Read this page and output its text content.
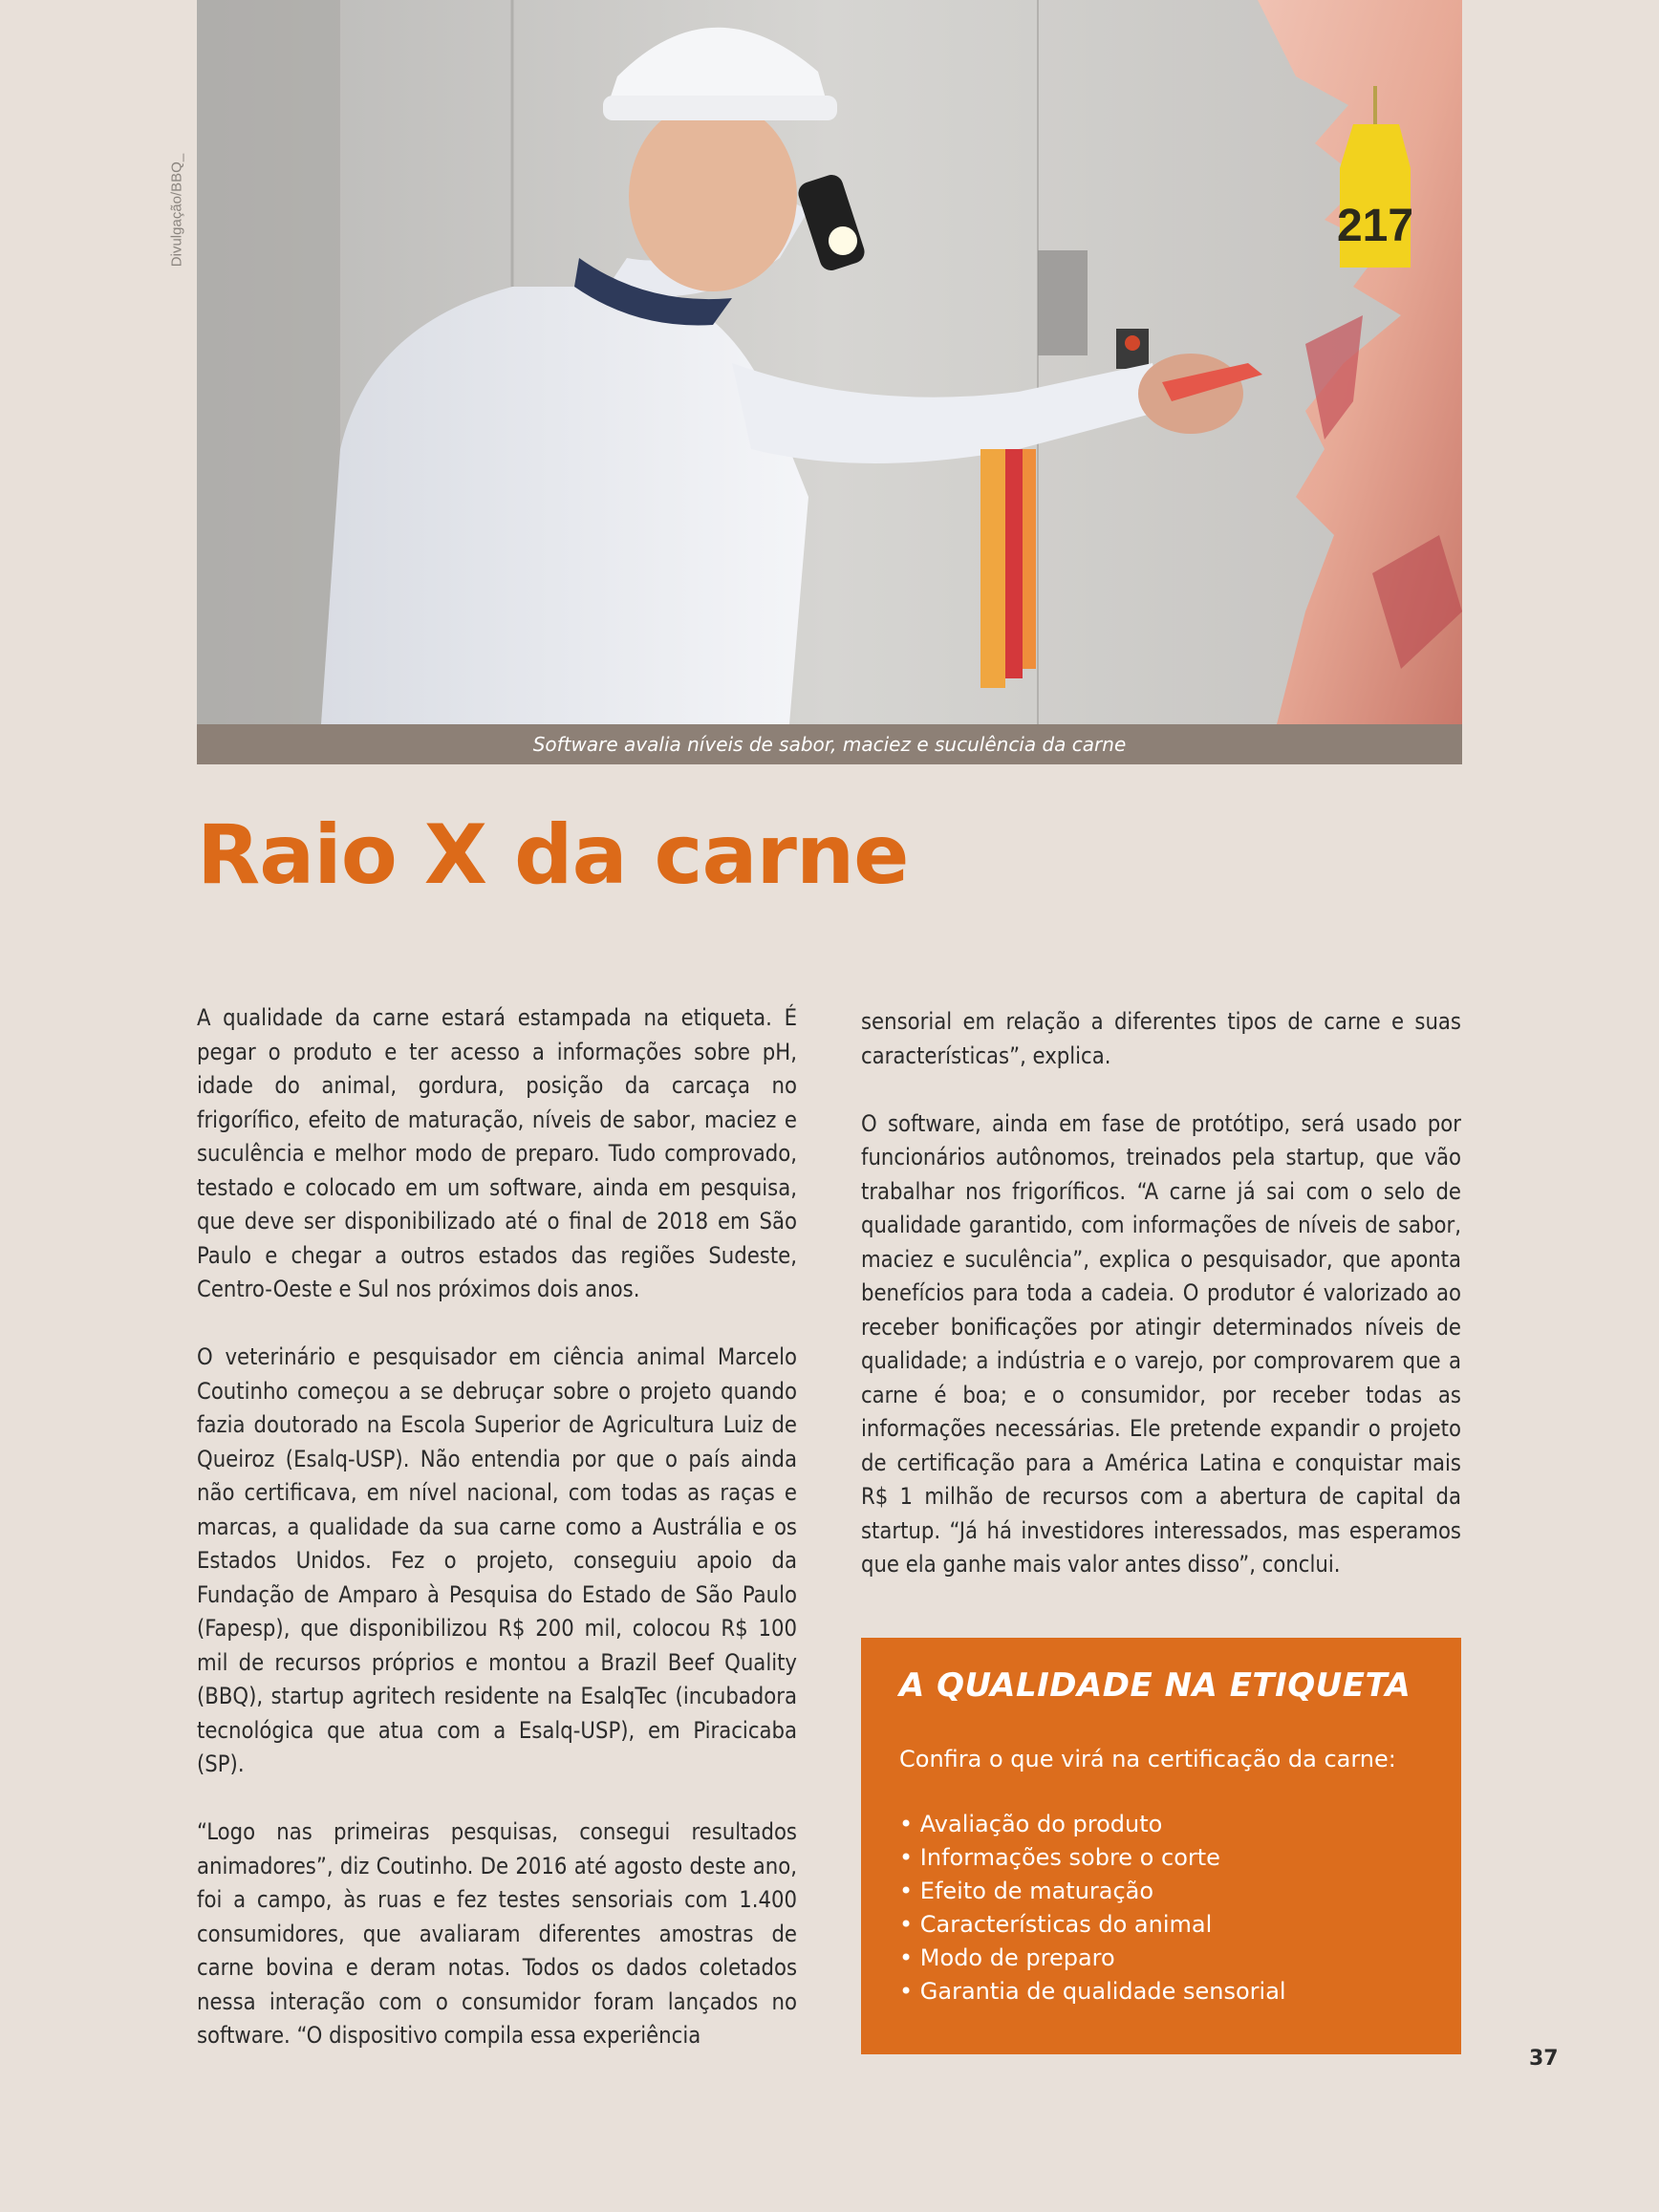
Divulgação/BBQ_	217
Software avalia níveis de sabor, maciez e suculência da carne
Raio X da carne

A qualidade da carne estará estampada na etiqueta. É pegar o produto e ter acesso a informações sobre pH, idade do animal, gordura, posição da carcaça no frigorífico, efeito de maturação, níveis de sabor, maciez e suculência e melhor modo de preparo. Tudo comprovado, testado e colocado em um software, ainda em pesquisa, que deve ser disponibilizado até o final de 2018 em São Paulo e chegar a outros estados das regiões Sudeste, Centro-Oeste e Sul nos próximos dois anos.

O veterinário e pesquisador em ciência animal Marcelo Coutinho começou a se debruçar sobre o projeto quando fazia doutorado na Escola Superior de Agricultura Luiz de Queiroz (Esalq-USP). Não entendia por que o país ainda não certificava, em nível nacional, com todas as raças e marcas, a qualidade da sua carne como a Austrália e os Estados Unidos. Fez o projeto, conseguiu apoio da Fundação de Amparo à Pesquisa do Estado de São Paulo (Fapesp), que disponibilizou R$ 200 mil, colocou R$ 100 mil de recursos próprios e montou a Brazil Beef Quality (BBQ), startup agritech residente na EsalqTec (incubadora tecnológica que atua com a Esalq-USP), em Piracicaba (SP).

“Logo nas primeiras pesquisas, consegui resultados animadores”, diz Coutinho. De 2016 até agosto deste ano, foi a campo, às ruas e fez testes sensoriais com 1.400 consumidores, que avaliaram diferentes amostras de carne bovina e deram notas. Todos os dados coletados nessa interação com o consumidor foram lançados no software. “O dispositivo compila essa experiência

sensorial em relação a diferentes tipos de carne e suas características”, explica.

O software, ainda em fase de protótipo, será usado por funcionários autônomos, treinados pela startup, que vão trabalhar nos frigoríficos. “A carne já sai com o selo de qualidade garantido, com informações de níveis de sabor, maciez e suculência”, explica o pesquisador, que aponta benefícios para toda a cadeia. O produtor é valorizado ao receber bonificações por atingir determinados níveis de qualidade; a indústria e o varejo, por comprovarem que a carne é boa; e o consumidor, por receber todas as informações necessárias. Ele pretende expandir o projeto de certificação para a América Latina e conquistar mais R$ 1 milhão de recursos com a abertura de capital da startup. “Já há investidores interessados, mas esperamos que ela ganhe mais valor antes disso”, conclui.

A QUALIDADE NA ETIQUETA

Confira o que virá na certificação da carne:

• Avaliação do produto
• Informações sobre o corte
• Efeito de maturação
• Características do animal
• Modo de preparo
• Garantia de qualidade sensorial
37
